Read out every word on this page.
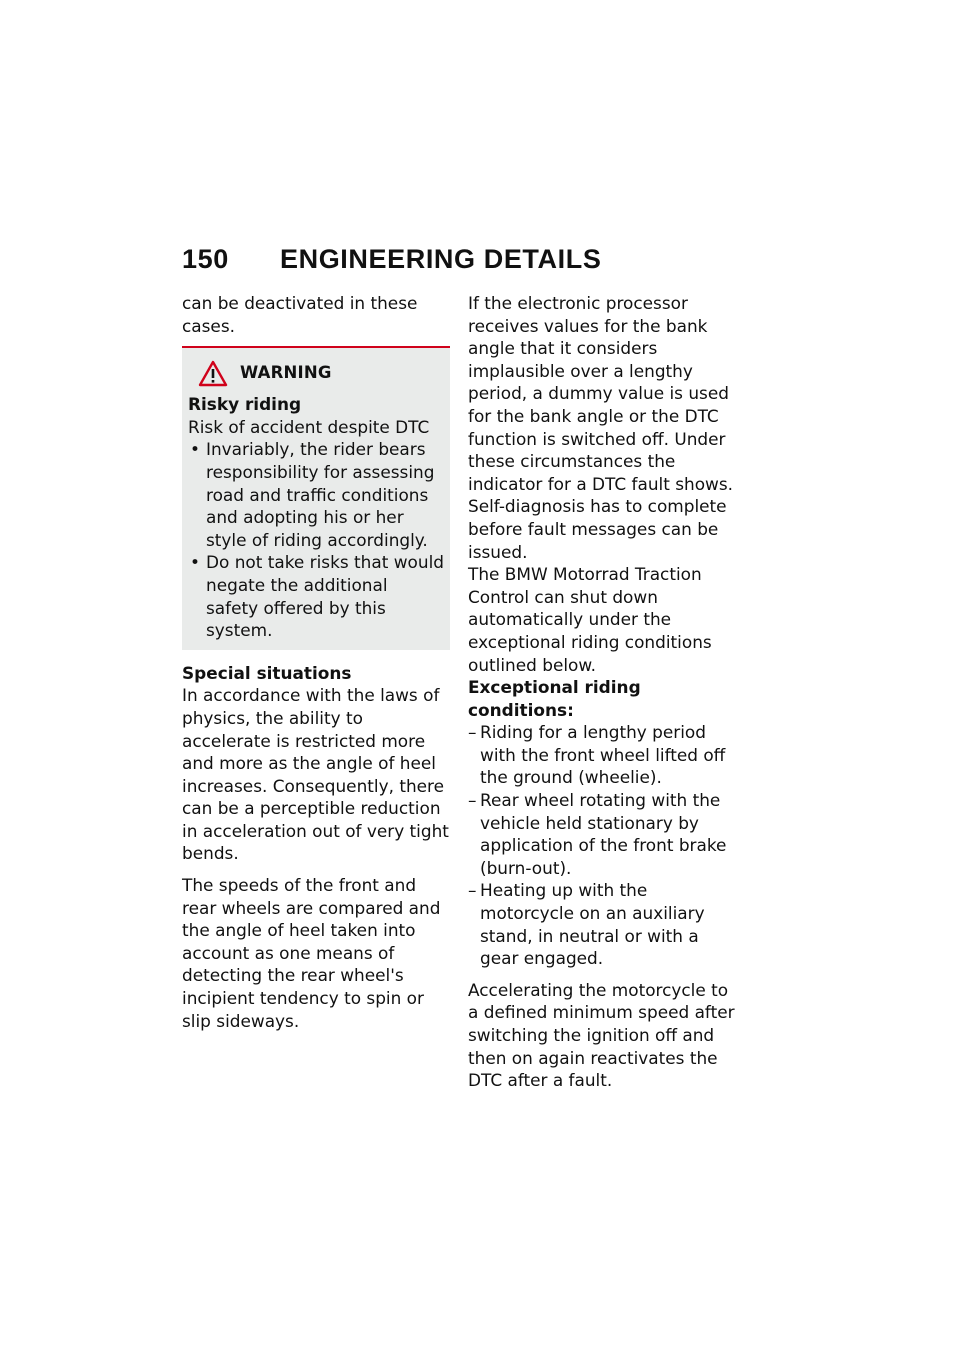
150 ENGINEERING DETAILS

can be deactivated in these cases.

WARNING
Risky riding
Risk of accident despite DTC
• Invariably, the rider bears responsibility for assessing road and traffic conditions and adopting his or her style of riding accordingly.
• Do not take risks that would negate the additional safety offered by this system.
Special situations

In accordance with the laws of physics, the ability to accelerate is restricted more and more as the angle of heel increases. Consequently, there can be a perceptible reduction in acceleration out of very tight bends.

The speeds of the front and rear wheels are compared and the angle of heel taken into account as one means of detecting the rear wheel's incipient tendency to spin or slip sideways.

If the electronic processor receives values for the bank angle that it considers implausible over a lengthy period, a dummy value is used for the bank angle or the DTC function is switched off. Under these circumstances the indicator for a DTC fault shows. Self-diagnosis has to complete before fault messages can be issued.

The BMW Motorrad Traction Control can shut down automatically under the exceptional riding conditions outlined below.

Exceptional riding conditions:
– Riding for a lengthy period with the front wheel lifted off the ground (wheelie).
– Rear wheel rotating with the vehicle held stationary by application of the front brake (burn-out).
– Heating up with the motorcycle on an auxiliary stand, in neutral or with a gear engaged.

Accelerating the motorcycle to a defined minimum speed after switching the ignition off and then on again reactivates the DTC after a fault.
